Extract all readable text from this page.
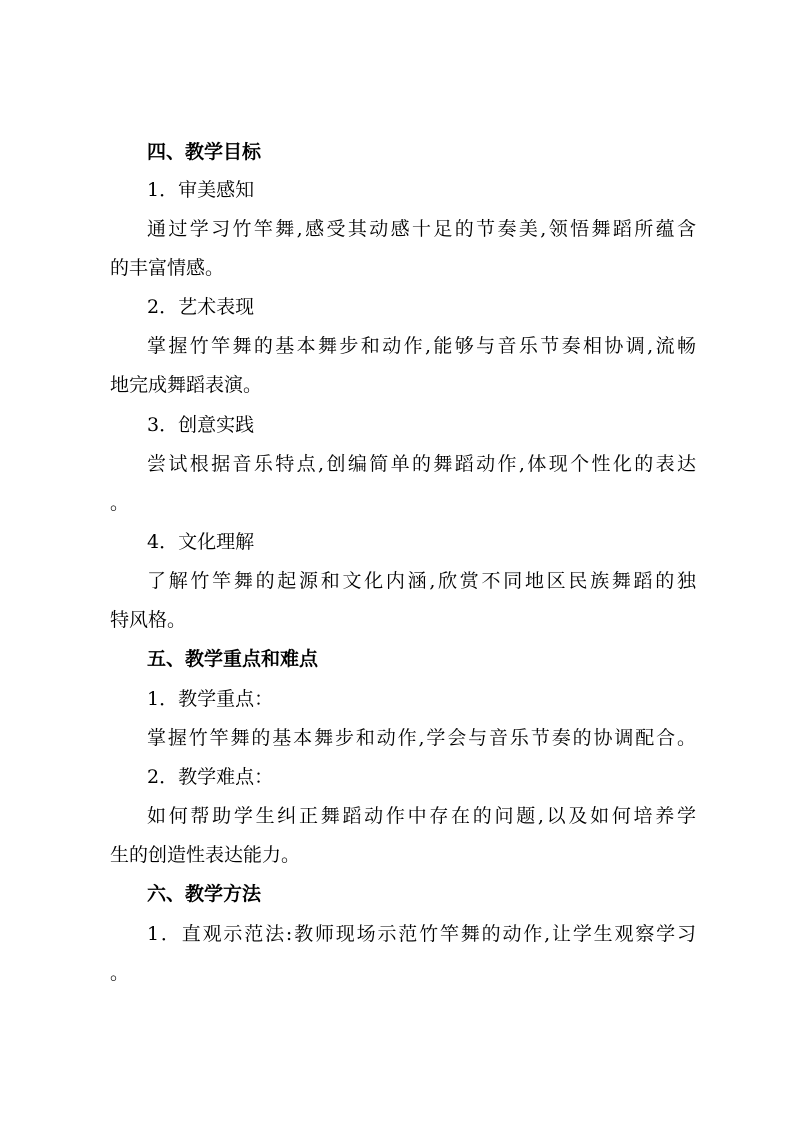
四、教学目标
1．审美感知
通过学习竹竿舞,感受其动感十足的节奏美,领悟舞蹈所蕴含
的丰富情感。
2．艺术表现
掌握竹竿舞的基本舞步和动作,能够与音乐节奏相协调,流畅
地完成舞蹈表演。
3．创意实践
尝试根据音乐特点,创编简单的舞蹈动作,体现个性化的表达
。
4．文化理解
了解竹竿舞的起源和文化内涵,欣赏不同地区民族舞蹈的独
特风格。
五、教学重点和难点
1．教学重点：
掌握竹竿舞的基本舞步和动作,学会与音乐节奏的协调配合。
2．教学难点：
如何帮助学生纠正舞蹈动作中存在的问题,以及如何培养学
生的创造性表达能力。
六、教学方法
1．直观示范法:教师现场示范竹竿舞的动作,让学生观察学习
。
